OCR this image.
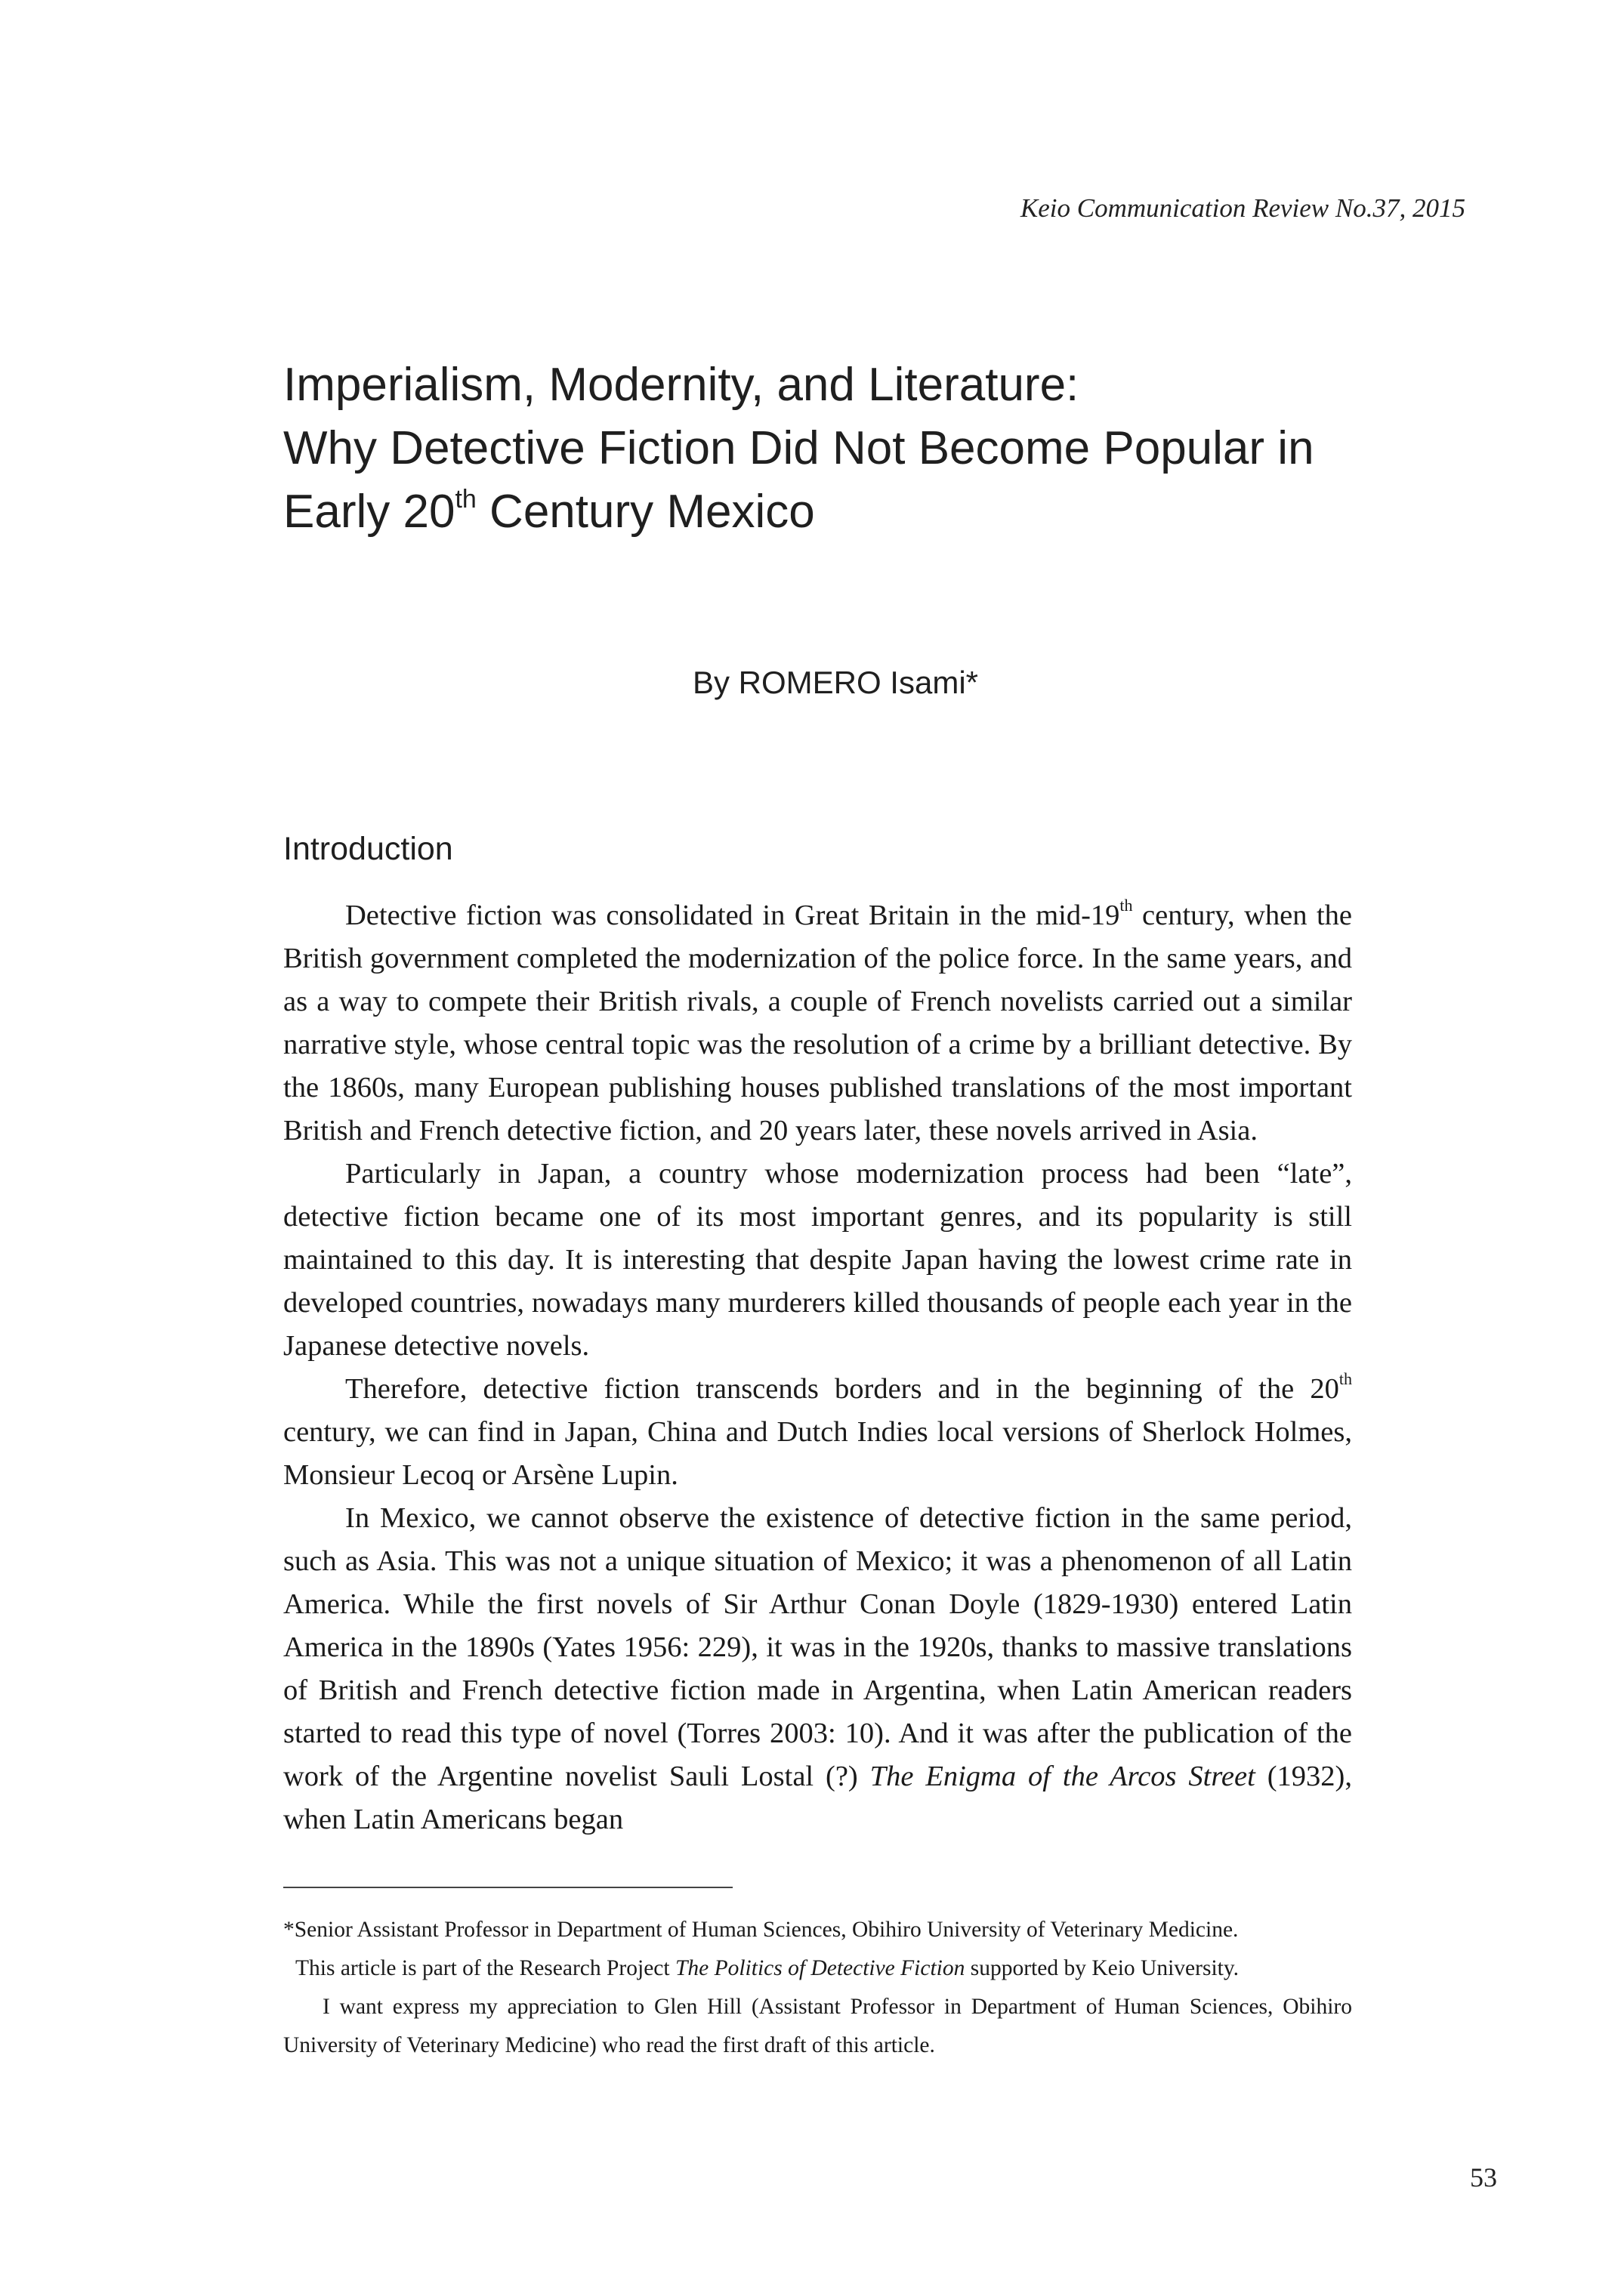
Keio Communication Review No.37, 2015
Imperialism, Modernity, and Literature:
Why Detective Fiction Did Not Become Popular in
Early 20th Century Mexico
By ROMERO Isami*
Introduction

Detective fiction was consolidated in Great Britain in the mid-19th century, when the British government completed the modernization of the police force. In the same years, and as a way to compete their British rivals, a couple of French novelists carried out a similar narrative style, whose central topic was the resolution of a crime by a brilliant detective. By the 1860s, many European publishing houses published translations of the most important British and French detective fiction, and 20 years later, these novels arrived in Asia.

Particularly in Japan, a country whose modernization process had been “late”, detective fiction became one of its most important genres, and its popularity is still maintained to this day. It is interesting that despite Japan having the lowest crime rate in developed countries, nowadays many murderers killed thousands of people each year in the Japanese detective novels.

Therefore, detective fiction transcends borders and in the beginning of the 20th century, we can find in Japan, China and Dutch Indies local versions of Sherlock Holmes, Monsieur Lecoq or Arsène Lupin.

In Mexico, we cannot observe the existence of detective fiction in the same period, such as Asia. This was not a unique situation of Mexico; it was a phenomenon of all Latin America. While the first novels of Sir Arthur Conan Doyle (1829-1930) entered Latin America in the 1890s (Yates 1956: 229), it was in the 1920s, thanks to massive translations of British and French detective fiction made in Argentina, when Latin American readers started to read this type of novel (Torres 2003: 10). And it was after the publication of the work of the Argentine novelist Sauli Lostal (?) The Enigma of the Arcos Street (1932), when Latin Americans began

*Senior Assistant Professor in Department of Human Sciences, Obihiro University of Veterinary Medicine.

This article is part of the Research Project The Politics of Detective Fiction supported by Keio University.

I want express my appreciation to Glen Hill (Assistant Professor in Department of Human Sciences, Obihiro University of Veterinary Medicine) who read the first draft of this article.

53
